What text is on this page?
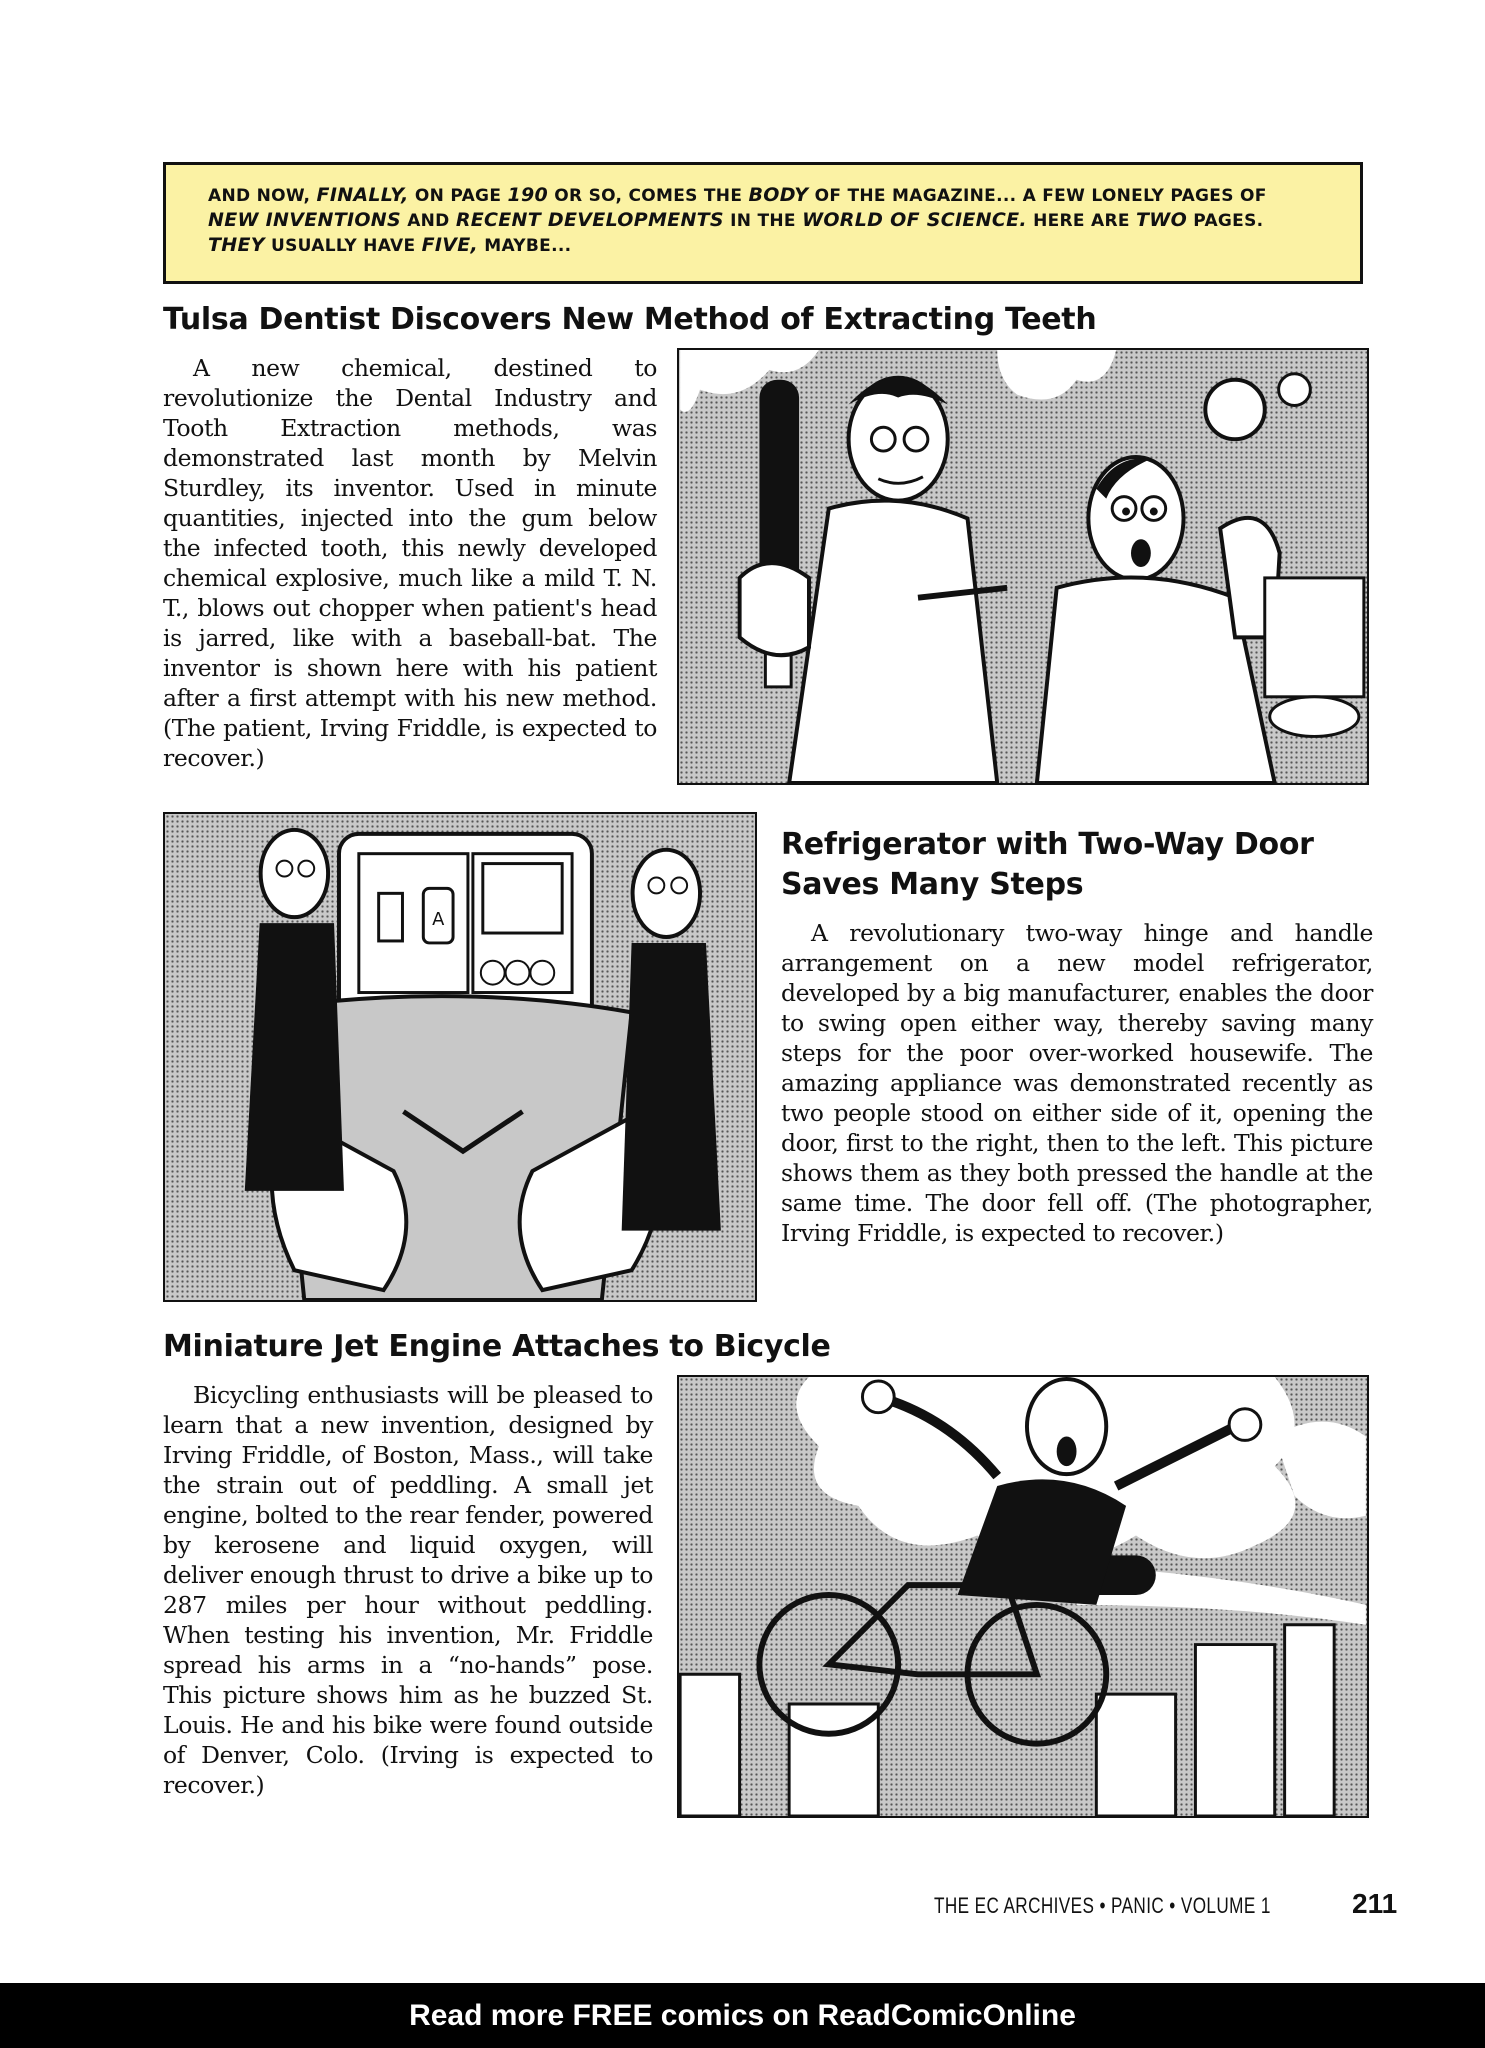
AND NOW, FINALLY, ON PAGE 190 OR SO, COMES THE BODY OF THE MAGAZINE... A FEW LONELY PAGES OF NEW INVENTIONS AND RECENT DEVELOPMENTS IN THE WORLD OF SCIENCE. HERE ARE TWO PAGES. THEY USUALLY HAVE FIVE, MAYBE...
Tulsa Dentist Discovers New Method of Extracting Teeth

A new chemical, destined to revolutionize the Dental Industry and Tooth Extraction methods, was demonstrated last month by Melvin Sturdley, its inventor. Used in minute quantities, injected into the gum below the infected tooth, this newly developed chemical explosive, much like a mild T. N. T., blows out chopper when patient's head is jarred, like with a baseball-bat. The inventor is shown here with his patient after a first attempt with his new method. (The patient, Irving Friddle, is expected to recover.)

A
Refrigerator with Two-Way Door
Saves Many Steps

A revolutionary two-way hinge and handle arrangement on a new model refrigerator, developed by a big manufacturer, enables the door to swing open either way, thereby saving many steps for the poor over-worked housewife. The amazing appliance was demonstrated recently as two people stood on either side of it, opening the door, first to the right, then to the left. This picture shows them as they both pressed the handle at the same time. The door fell off. (The photographer, Irving Friddle, is expected to recover.)

Miniature Jet Engine Attaches to Bicycle

Bicycling enthusiasts will be pleased to learn that a new invention, designed by Irving Friddle, of Boston, Mass., will take the strain out of peddling. A small jet engine, bolted to the rear fender, powered by kerosene and liquid oxygen, will deliver enough thrust to drive a bike up to 287 miles per hour without peddling. When testing his invention, Mr. Friddle spread his arms in a “no-hands” pose. This picture shows him as he buzzed St. Louis. He and his bike were found outside of Denver, Colo. (Irving is expected to recover.)

THE EC ARCHIVES • PANIC • VOLUME 1	211
Read more FREE comics on ReadComicOnline
